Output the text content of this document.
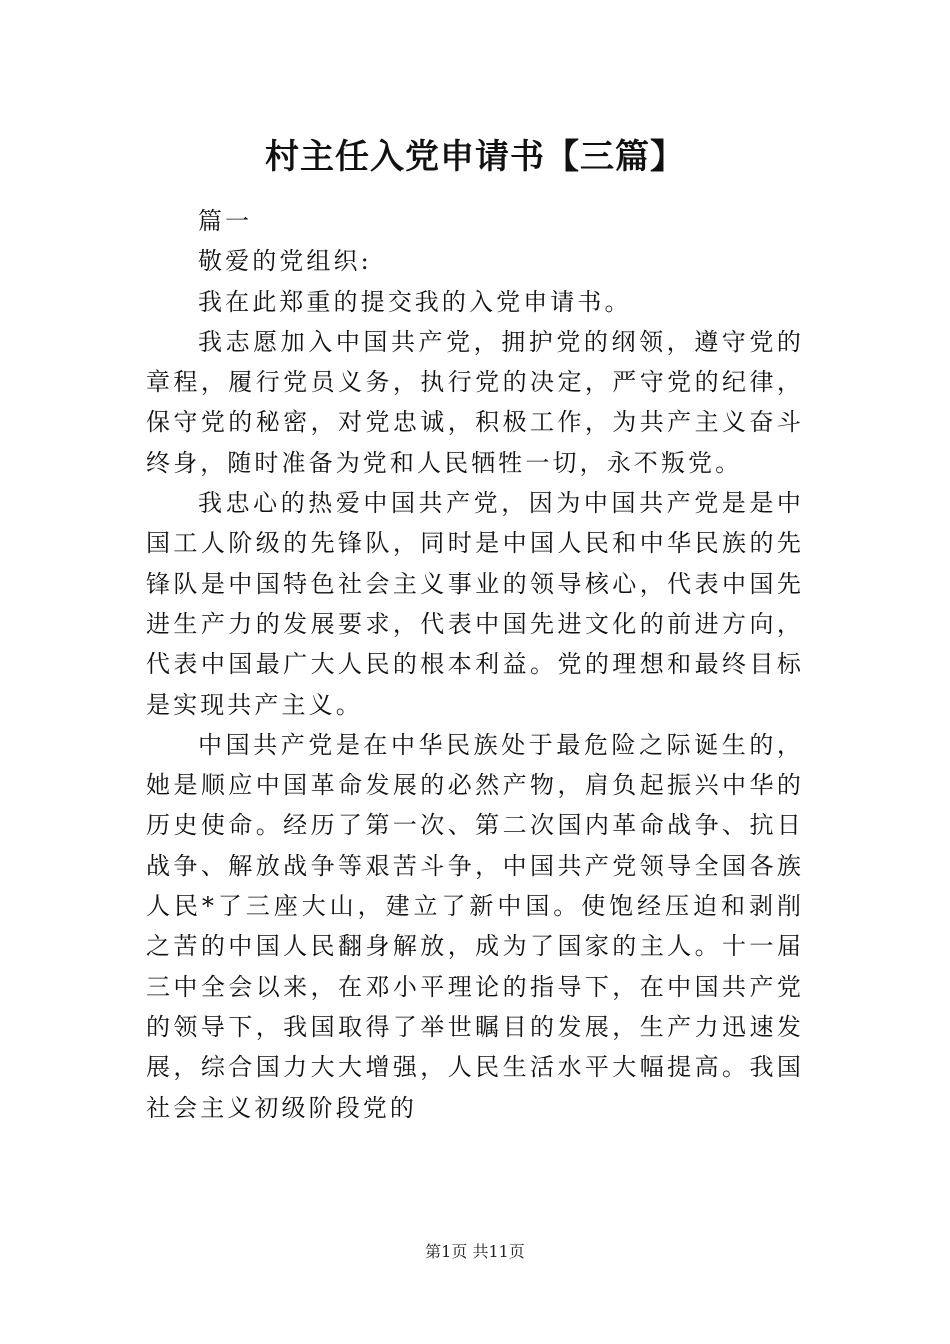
村主任入党申请书【三篇】

篇一

敬爱的党组织:

我在此郑重的提交我的入党申请书。

我志愿加入中国共产党，拥护党的纲领，遵守党的章程，履行党员义务，执行党的决定，严守党的纪律，保守党的秘密，对党忠诚，积极工作，为共产主义奋斗终身，随时准备为党和人民牺牲一切，永不叛党。

我忠心的热爱中国共产党，因为中国共产党是是中国工人阶级的先锋队，同时是中国人民和中华民族的先锋队是中国特色社会主义事业的领导核心，代表中国先进生产力的发展要求，代表中国先进文化的前进方向，代表中国最广大人民的根本利益。党的理想和最终目标是实现共产主义。

中国共产党是在中华民族处于最危险之际诞生的，她是顺应中国革命发展的必然产物，肩负起振兴中华的历史使命。经历了第一次、第二次国内革命战争、抗日战争、解放战争等艰苦斗争，中国共产党领导全国各族人民*了三座大山，建立了新中国。使饱经压迫和剥削之苦的中国人民翻身解放，成为了国家的主人。十一届三中全会以来，在邓小平理论的指导下，在中国共产党的领导下，我国取得了举世瞩目的发展，生产力迅速发展，综合国力大大增强，人民生活水平大幅提高。我国社会主义初级阶段党的

第1页 共11页
